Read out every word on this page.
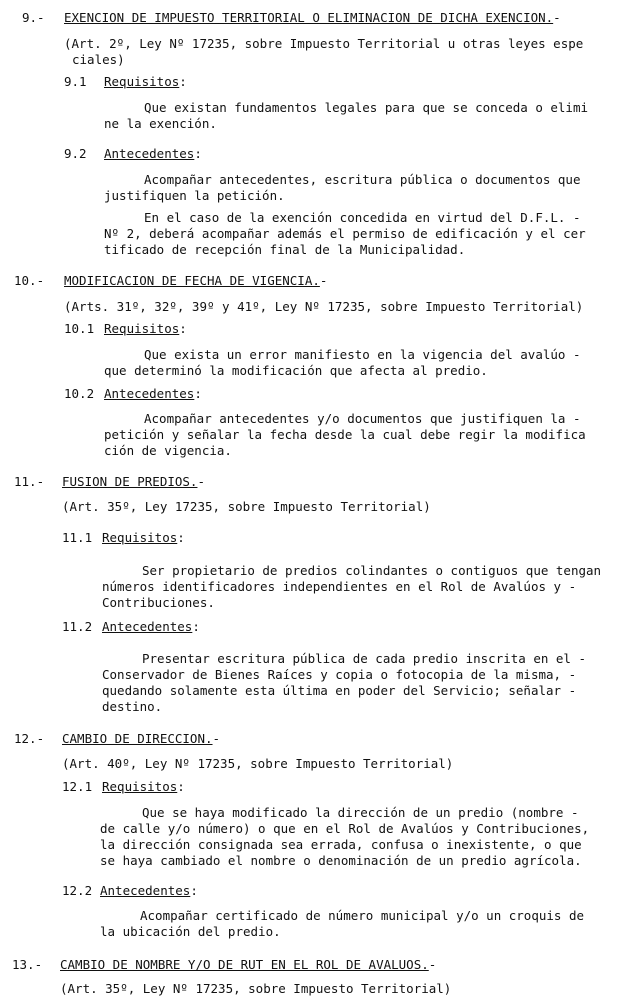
9.- EXENCION DE IMPUESTO TERRITORIAL O ELIMINACION DE DICHA EXENCION.-
(Art. 2º, Ley Nº 17235, sobre Impuesto Territorial u otras leyes espe
ciales)
9.1 Requisitos:
Que existan fundamentos legales para que se conceda o elimi
ne la exención.
9.2 Antecedentes:
Acompañar antecedentes, escritura pública o documentos que
justifiquen la petición.
En el caso de la exención concedida en virtud del D.F.L. -
Nº 2, deberá acompañar además el permiso de edificación y el cer
tificado de recepción final de la Municipalidad.
10.- MODIFICACION DE FECHA DE VIGENCIA.-
(Arts. 31º, 32º, 39º y 41º, Ley Nº 17235, sobre Impuesto Territorial)
10.1 Requisitos:
Que exista un error manifiesto en la vigencia del avalúo -
que determinó la modificación que afecta al predio.
10.2 Antecedentes:
Acompañar antecedentes y/o documentos que justifiquen la -
petición y señalar la fecha desde la cual debe regir la modifica
ción de vigencia.
11.- FUSION DE PREDIOS.-
(Art. 35º, Ley 17235, sobre Impuesto Territorial)
11.1 Requisitos:
Ser propietario de predios colindantes o contiguos que tengan
números identificadores independientes en el Rol de Avalúos y -
Contribuciones.
11.2 Antecedentes:
Presentar escritura pública de cada predio inscrita en el -
Conservador de Bienes Raíces y copia o fotocopia de la misma, -
quedando solamente esta última en poder del Servicio; señalar -
destino.
12.- CAMBIO DE DIRECCION.-
(Art. 40º, Ley Nº 17235, sobre Impuesto Territorial)
12.1 Requisitos:
Que se haya modificado la dirección de un predio (nombre -
de calle y/o número) o que en el Rol de Avalúos y Contribuciones,
la dirección consignada sea errada, confusa o inexistente, o que
se haya cambiado el nombre o denominación de un predio agrícola.
12.2 Antecedentes:
Acompañar certificado de número municipal y/o un croquis de
la ubicación del predio.
13.- CAMBIO DE NOMBRE Y/O DE RUT EN EL ROL DE AVALUOS.-
(Art. 35º, Ley Nº 17235, sobre Impuesto Territorial)
